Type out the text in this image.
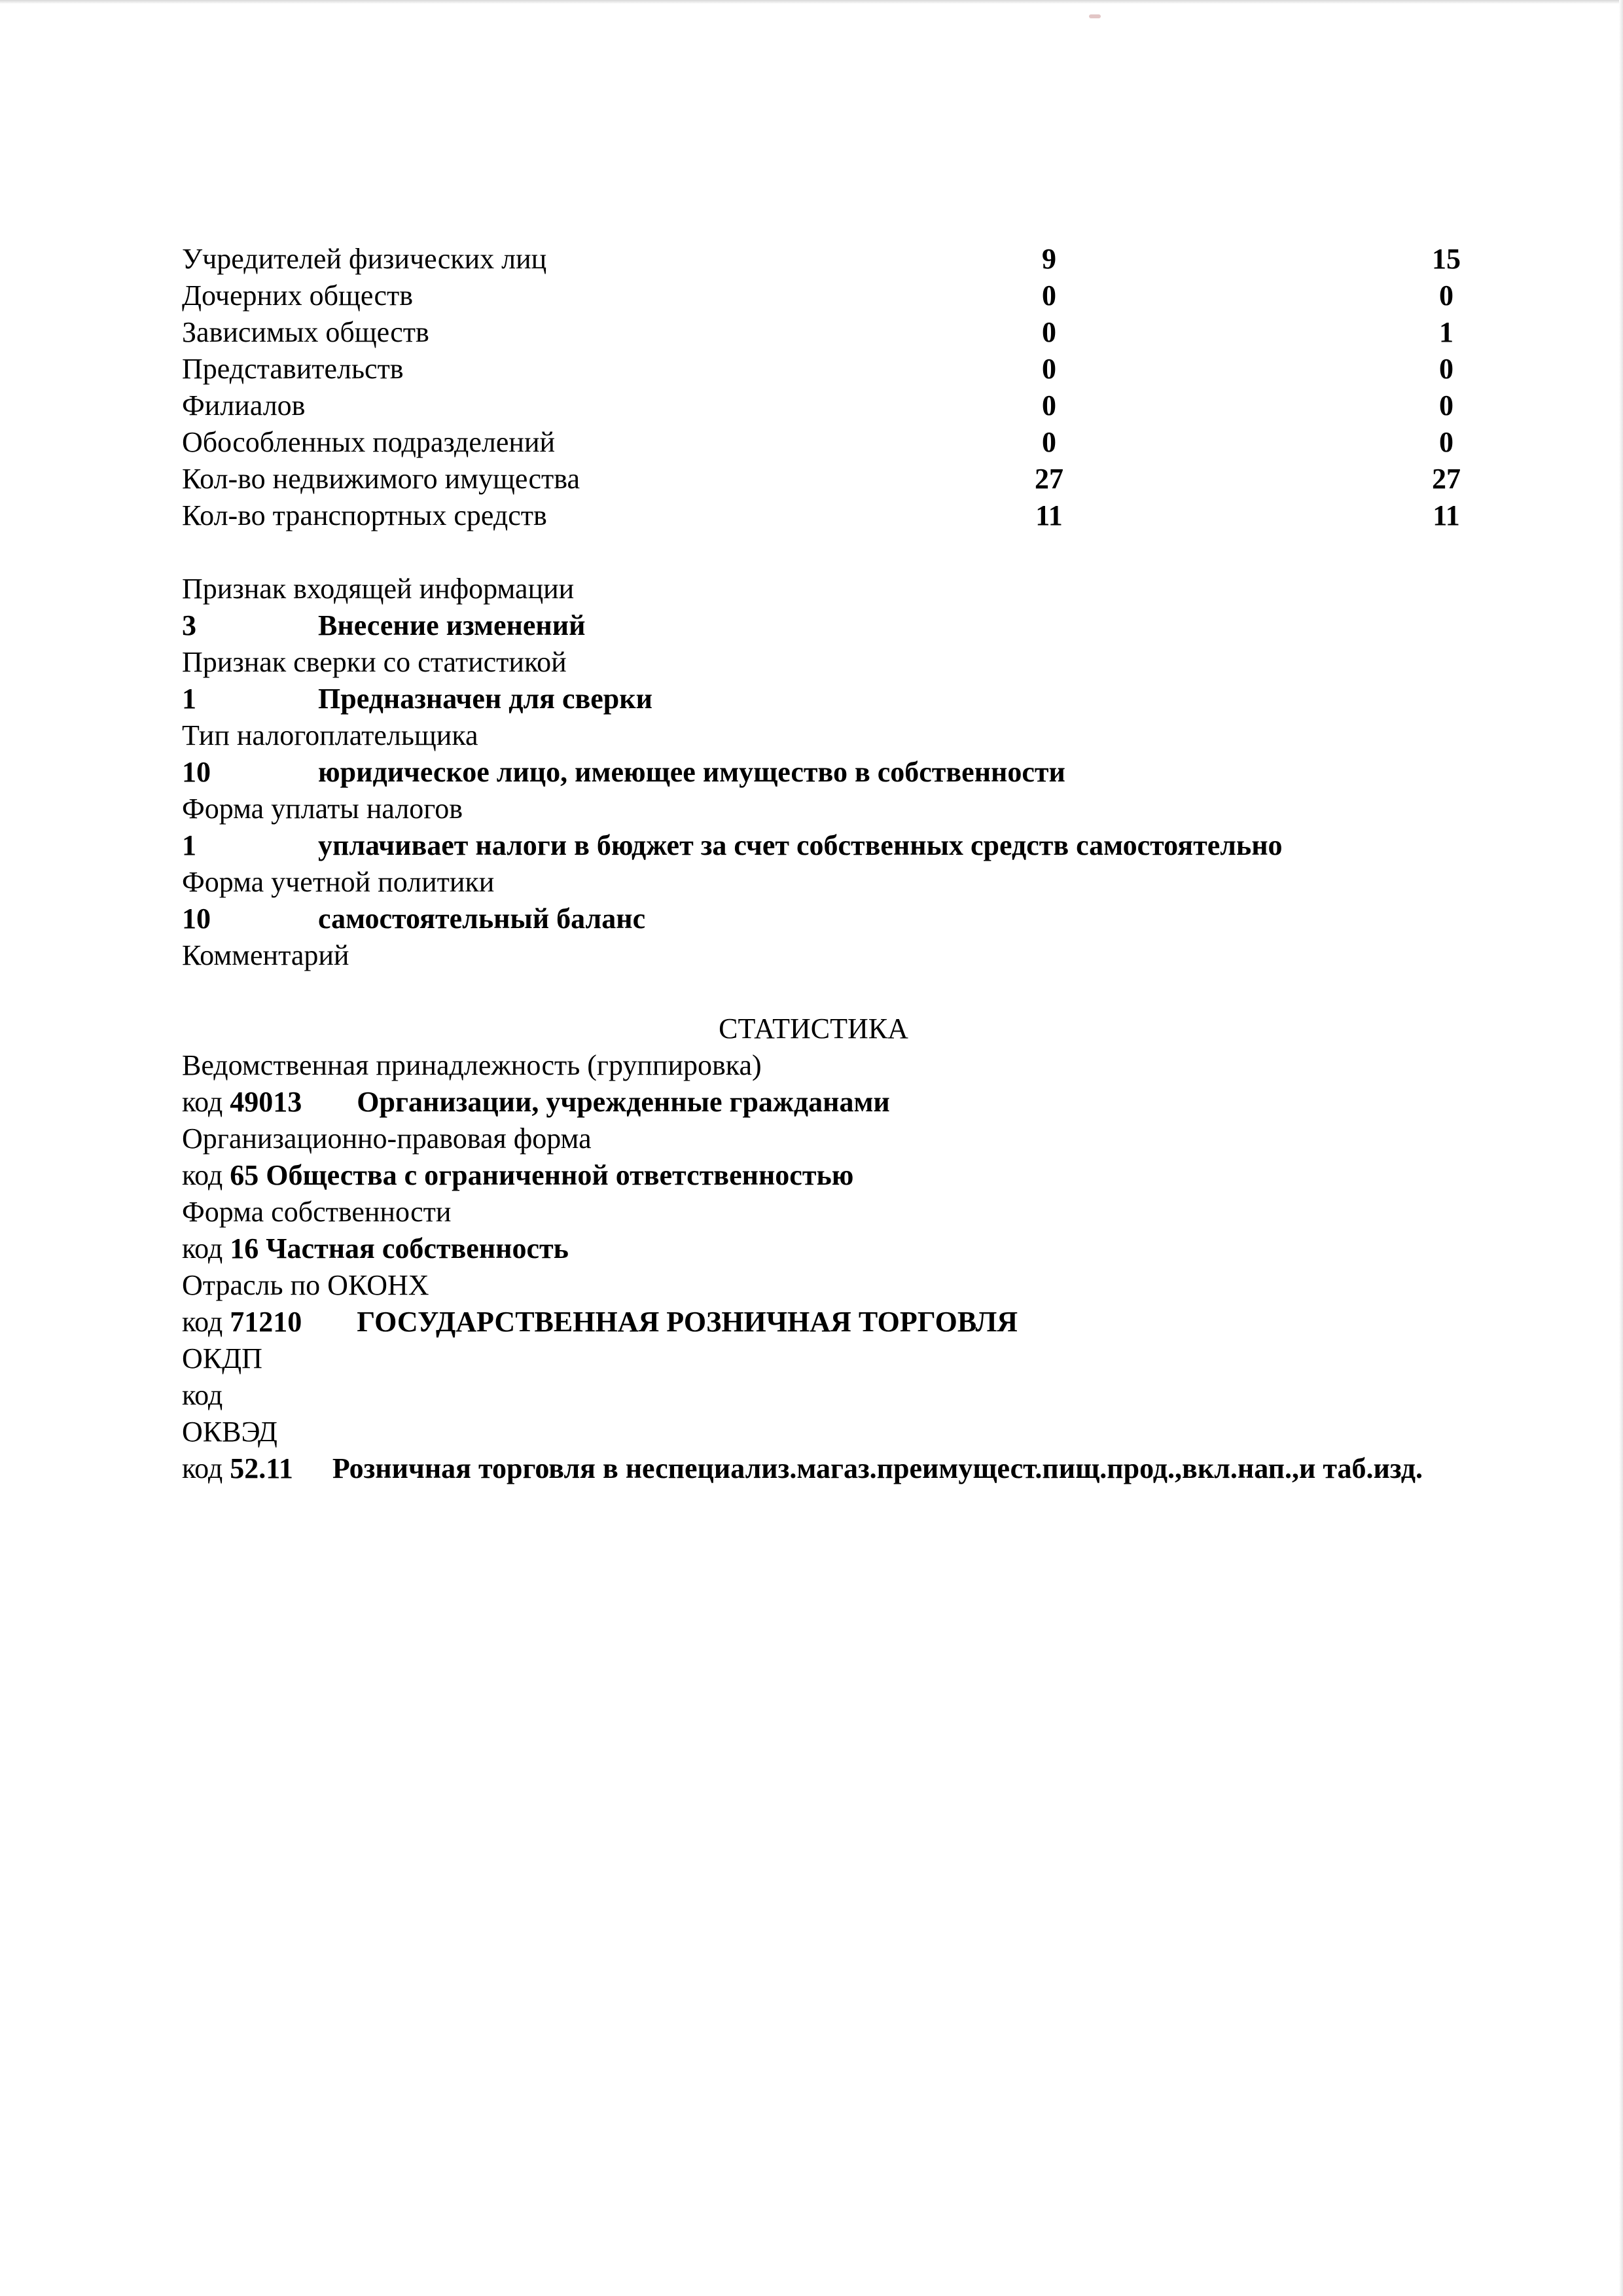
Учредителей физических лиц	9	15
Дочерних обществ	0	0
Зависимых обществ	0	1
Представительств	0	0
Филиалов	0	0
Обособленных подразделений	0	0
Кол-во недвижимого имущества	27	27
Кол-во транспортных средств	11	11
Признак входящей информации
3	Внесение изменений
Признак сверки со статистикой
1	Предназначен для сверки
Тип налогоплательщика
10	юридическое лицо, имеющее имущество в собственности
Форма уплаты налогов
1	уплачивает налоги в бюджет за счет собственных средств самостоятельно
Форма учетной политики
10	самостоятельный баланс
Комментарий
СТАТИСТИКА
Ведомственная принадлежность (группировка)
код 49013 Организации, учрежденные гражданами
Организационно-правовая форма
код 65 Общества с ограниченной ответственностью
Форма собственности
код 16 Частная собственность
Отрасль по ОКОНХ
код 71210 ГОСУДАРСТВЕННАЯ РОЗНИЧНАЯ ТОРГОВЛЯ
ОКДП
код
ОКВЭД
код 52.11 Розничная торговля в неспециализ.магаз.преимущест.пищ.прод.,вкл.нап.,и таб.изд.
